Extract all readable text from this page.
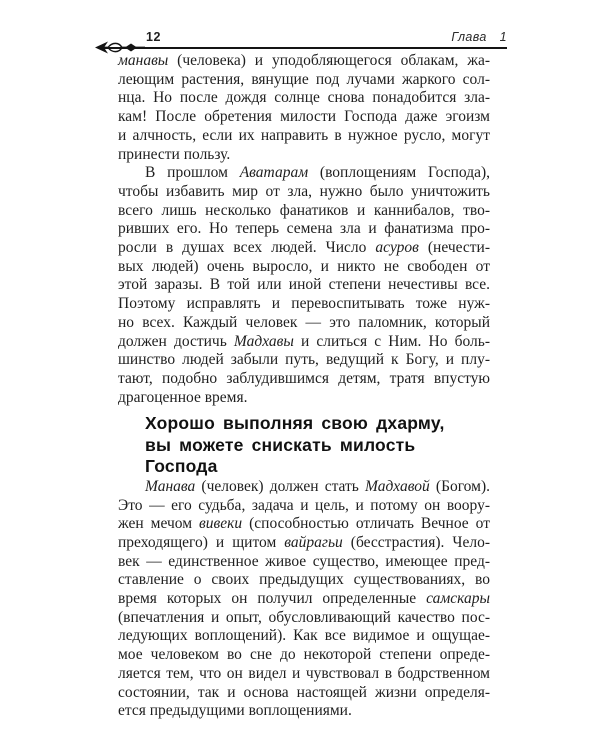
12	Глава 1
манавы (человека) и уподобляющегося облакам, жа-
леющим растения, вянущие под лучами жаркого сол-
нца. Но после дождя солнце снова понадобится зла-
кам! После обретения милости Господа даже эгоизм
и алчность, если их направить в нужное русло, могут
принести пользу.
В прошлом Аватарам (воплощениям Господа),
чтобы избавить мир от зла, нужно было уничтожить
всего лишь несколько фанатиков и каннибалов, тво-
ривших его. Но теперь семена зла и фанатизма про-
росли в душах всех людей. Число асуров (нечести-
вых людей) очень выросло, и никто не свободен от
этой заразы. В той или иной степени нечестивы все.
Поэтому исправлять и перевоспитывать тоже нуж-
но всех. Каждый человек — это паломник, который
должен достичь Мадхавы и слиться с Ним. Но боль-
шинство людей забыли путь, ведущий к Богу, и плу-
тают, подобно заблудившимся детям, тратя впустую
драгоценное время.
Хорошо выполняя свою дхарму,
вы можете снискать милость Господа
Манава (человек) должен стать Мадхавой (Богом).
Это — его судьба, задача и цель, и потому он воору-
жен мечом вивеки (способностью отличать Вечное от
преходящего) и щитом вайрагьи (бесстрастия). Чело-
век — единственное живое существо, имеющее пред-
ставление о своих предыдущих существованиях, во
время которых он получил определенные самскары
(впечатления и опыт, обусловливающий качество пос-
ледующих воплощений). Как все видимое и ощущае-
мое человеком во сне до некоторой степени опреде-
ляется тем, что он видел и чувствовал в бодрственном
состоянии, так и основа настоящей жизни определя-
ется предыдущими воплощениями.
